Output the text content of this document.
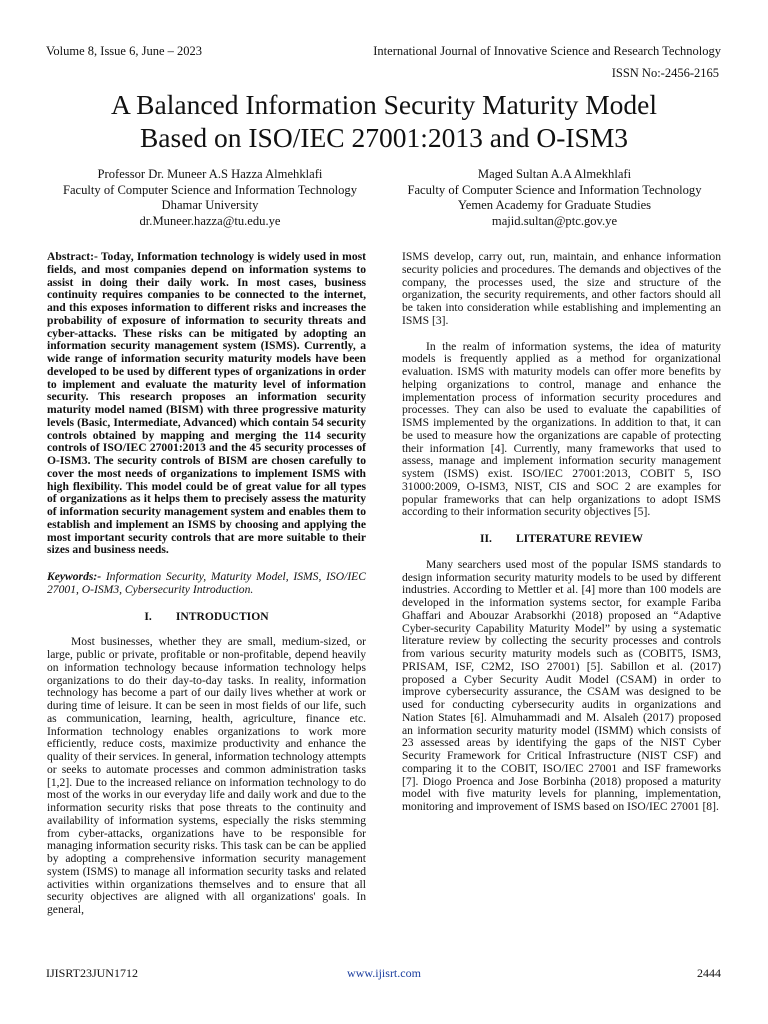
Volume 8, Issue 6, June – 2023	International Journal of Innovative Science and Research Technology
ISSN No:-2456-2165
A Balanced Information Security Maturity Model
Based on ISO/IEC 27001:2013 and O-ISM3
Professor Dr. Muneer A.S Hazza Almehklafi
Faculty of Computer Science and Information Technology
Dhamar University
dr.Muneer.hazza@tu.edu.ye
Maged Sultan A.A Almekhlafi
Faculty of Computer Science and Information Technology
Yemen Academy for Graduate Studies
majid.sultan@ptc.gov.ye

Abstract:- Today, Information technology is widely used in most fields, and most companies depend on information systems to assist in doing their daily work. In most cases, business continuity requires companies to be connected to the internet, and this exposes information to different risks and increases the probability of exposure of information to security threats and cyber-attacks. These risks can be mitigated by adopting an information security management system (ISMS). Currently, a wide range of information security maturity models have been developed to be used by different types of organizations in order to implement and evaluate the maturity level of information security. This research proposes an information security maturity model named (BISM) with three progressive maturity levels (Basic, Intermediate, Advanced) which contain 54 security controls obtained by mapping and merging the 114 security controls of ISO/IEC 27001:2013 and the 45 security processes of O-ISM3. The security controls of BISM are chosen carefully to cover the most needs of organizations to implement ISMS with high flexibility. This model could be of great value for all types of organizations as it helps them to precisely assess the maturity of information security management system and enables them to establish and implement an ISMS by choosing and applying the most important security controls that are more suitable to their sizes and business needs.

Keywords:- Information Security, Maturity Model, ISMS, ISO/IEC 27001, O-ISM3, Cybersecurity Introduction.

I. INTRODUCTION

Most businesses, whether they are small, medium-sized, or large, public or private, profitable or non-profitable, depend heavily on information technology because information technology helps organizations to do their day-to-day tasks. In reality, information technology has become a part of our daily lives whether at work or during time of leisure. It can be seen in most fields of our life, such as communication, learning, health, agriculture, finance etc. Information technology enables organizations to work more efficiently, reduce costs, maximize productivity and enhance the quality of their services. In general, information technology attempts or seeks to automate processes and common administration tasks [1,2]. Due to the increased reliance on information technology to do most of the works in our everyday life and daily work and due to the information security risks that pose threats to the continuity and availability of information systems, especially the risks stemming from cyber-attacks, organizations have to be responsible for managing information security risks. This task can be can be applied by adopting a comprehensive information security management system (ISMS) to manage all information security tasks and related activities within organizations themselves and to ensure that all security objectives are aligned with all organizations' goals. In general,

ISMS develop, carry out, run, maintain, and enhance information security policies and procedures. The demands and objectives of the company, the processes used, the size and structure of the organization, the security requirements, and other factors should all be taken into consideration while establishing and implementing an ISMS [3].

In the realm of information systems, the idea of maturity models is frequently applied as a method for organizational evaluation. ISMS with maturity models can offer more benefits by helping organizations to control, manage and enhance the implementation process of information security procedures and processes. They can also be used to evaluate the capabilities of ISMS implemented by the organizations. In addition to that, it can be used to measure how the organizations are capable of protecting their information [4]. Currently, many frameworks that used to assess, manage and implement information security management system (ISMS) exist. ISO/IEC 27001:2013, COBIT 5, ISO 31000:2009, O-ISM3, NIST, CIS and SOC 2 are examples for popular frameworks that can help organizations to adopt ISMS according to their information security objectives [5].

II. LITERATURE REVIEW

Many searchers used most of the popular ISMS standards to design information security maturity models to be used by different industries. According to Mettler et al. [4] more than 100 models are developed in the information systems sector, for example Fariba Ghaffari and Abouzar Arabsorkhi (2018) proposed an “Adaptive Cyber-security Capability Maturity Model” by using a systematic literature review by collecting the security processes and controls from various security maturity models such as (COBIT5, ISM3, PRISAM, ISF, C2M2, ISO 27001) [5]. Sabillon et al. (2017) proposed a Cyber Security Audit Model (CSAM) in order to improve cybersecurity assurance, the CSAM was designed to be used for conducting cybersecurity audits in organizations and Nation States [6]. Almuhammadi and M. Alsaleh (2017) proposed an information security maturity model (ISMM) which consists of 23 assessed areas by identifying the gaps of the NIST Cyber Security Framework for Critical Infrastructure (NIST CSF) and comparing it to the COBIT, ISO/IEC 27001 and ISF frameworks [7]. Diogo Proenca and Jose Borbinha (2018) proposed a maturity model with five maturity levels for planning, implementation, monitoring and improvement of ISMS based on ISO/IEC 27001 [8].

IJISRT23JUN1712	www.ijisrt.com	2444
